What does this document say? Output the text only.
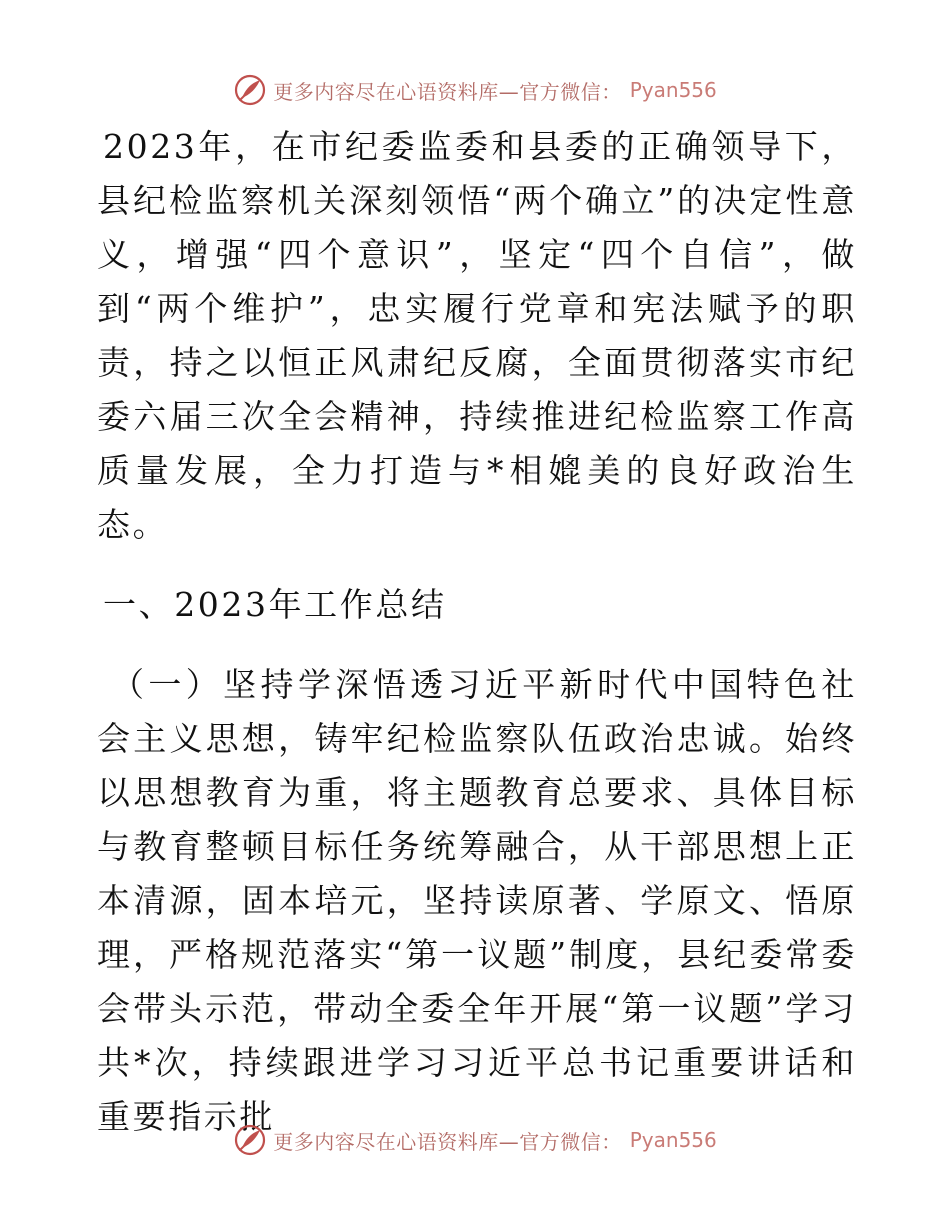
更多内容尽在心语资料库—官方微信： Pyan556

2023年，在市纪委监委和县委的正确领导下，县纪检监察机关深刻领悟“两个确立”的决定性意义，增强“四个意识”，坚定“四个自信”，做到“两个维护”，忠实履行党章和宪法赋予的职责，持之以恒正风肃纪反腐，全面贯彻落实市纪委六届三次全会精神，持续推进纪检监察工作高质量发展，全力打造与*相媲美的良好政治生态。

一、2023年工作总结

（一）坚持学深悟透习近平新时代中国特色社会主义思想，铸牢纪检监察队伍政治忠诚。始终以思想教育为重，将主题教育总要求、具体目标与教育整顿目标任务统筹融合，从干部思想上正本清源，固本培元，坚持读原著、学原文、悟原理，严格规范落实“第一议题”制度，县纪委常委会带头示范，带动全委全年开展“第一议题”学习共*次，持续跟进学习习近平总书记重要讲话和重要指示批

更多内容尽在心语资料库—官方微信： Pyan556
